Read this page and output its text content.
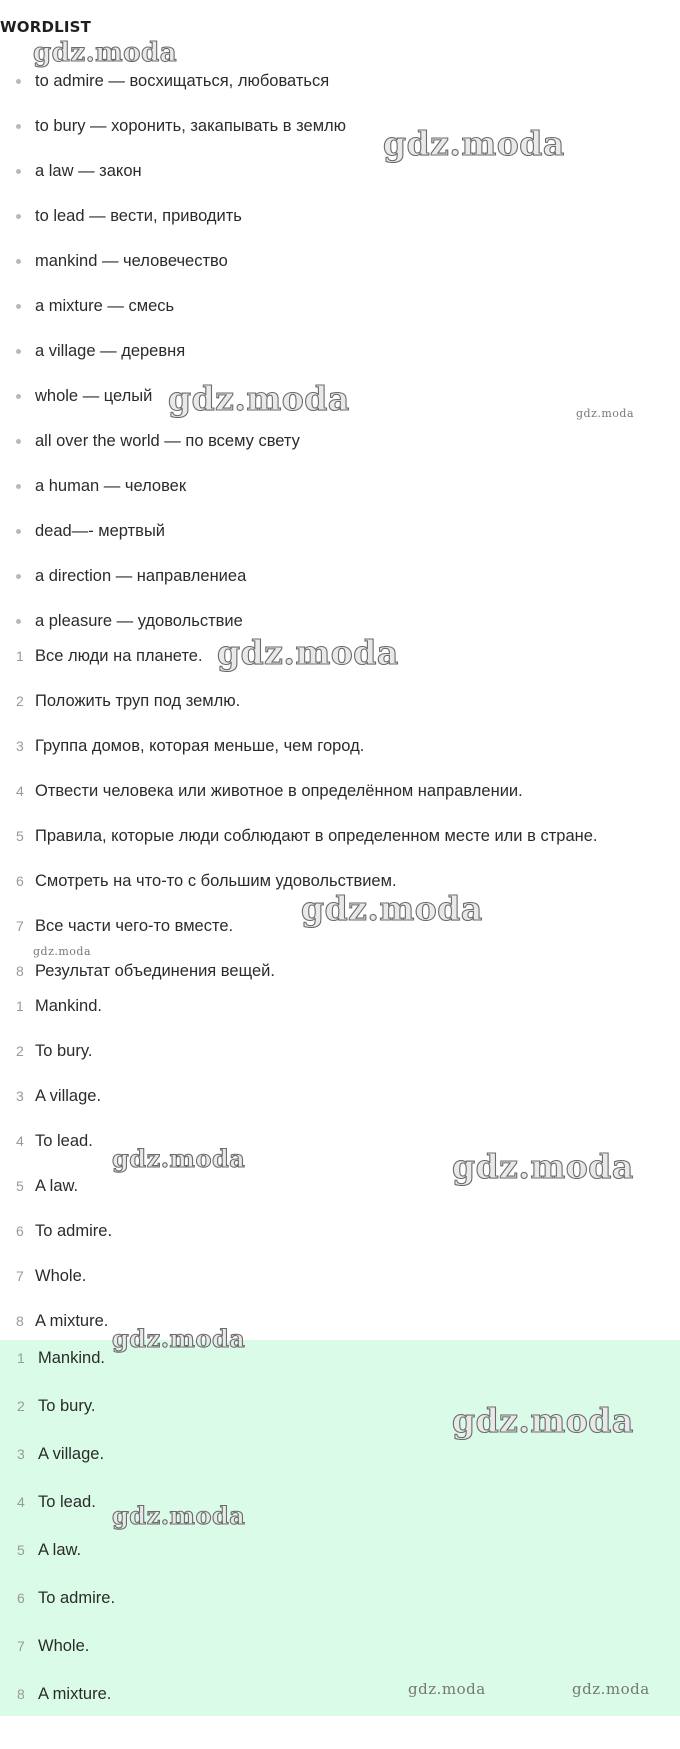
WORDLIST
to admire — восхищаться, любоваться
to bury — хоронить, закапывать в землю
a law — закон
to lead — вести, приводить
mankind — человечество
a mixture — смесь
a village — деревня
whole — целый
all over the world — по всему свету
a human — человек
dead—- мертвый
a direction — направлениеа
a pleasure — удовольствие
1 Все люди на планете.
2 Положить труп под землю.
3 Группа домов, которая меньше, чем город.
4 Отвести человека или животное в определённом направлении.
5 Правила, которые люди соблюдают в определенном месте или в стране.
6 Смотреть на что-то с большим удовольствием.
7 Все части чего-то вместе.
8 Результат объединения вещей.
1 Mankind.
2 To bury.
3 A village.
4 To lead.
5 A law.
6 To admire.
7 Whole.
8 A mixture.
1 Mankind.
2 To bury.
3 A village.
4 To lead.
5 A law.
6 To admire.
7 Whole.
8 A mixture.
gdz.moda
gdz.moda
gdz.moda	gdz.moda
gdz.moda
gdz.moda
gdz.moda
gdz.moda	gdz.moda
gdz.moda
gdz.moda
gdz.moda
gdz.moda	gdz.moda
